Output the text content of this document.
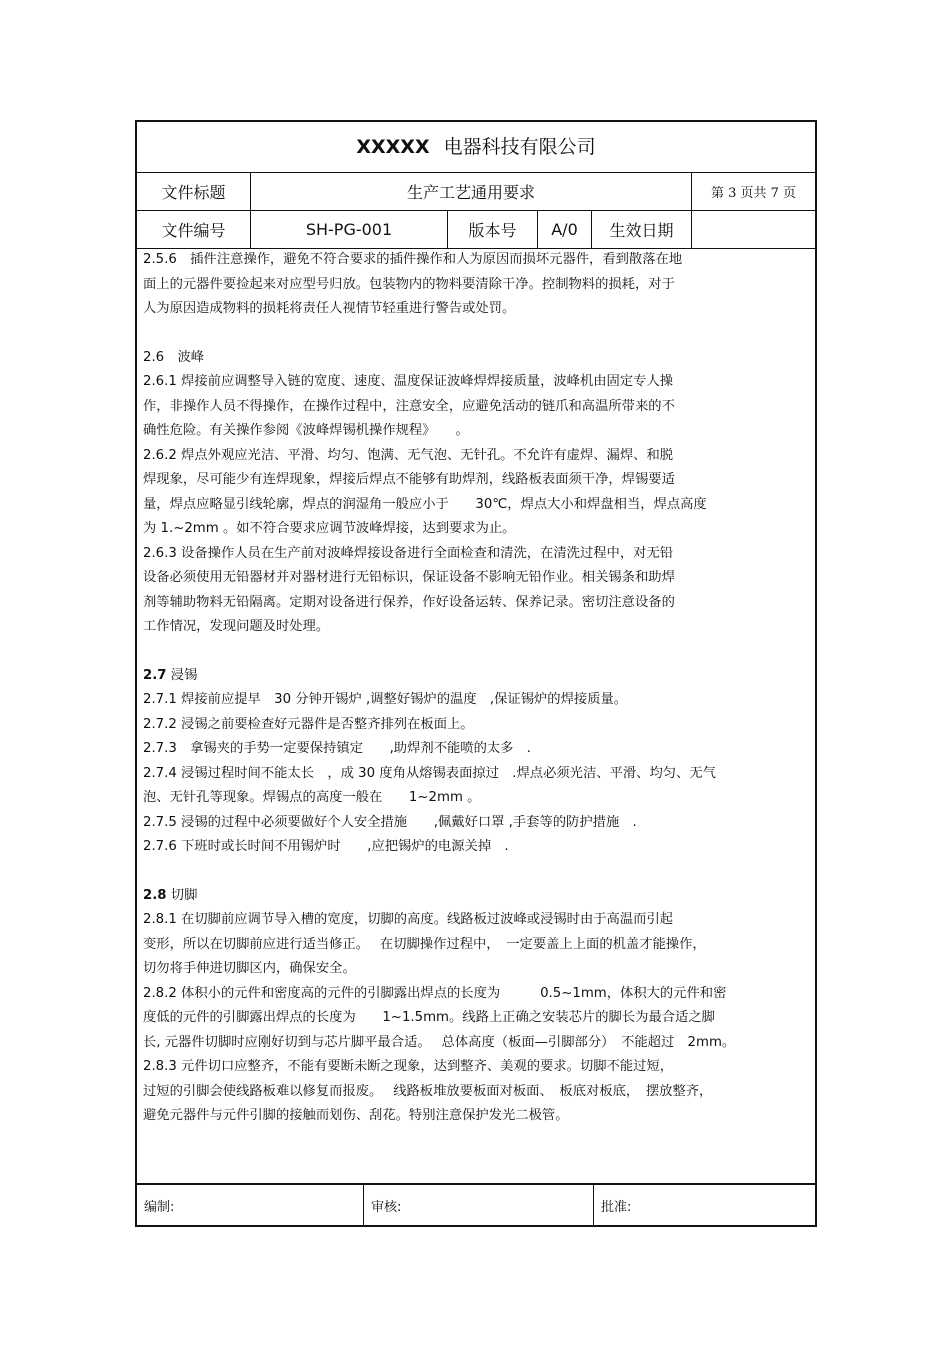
XXXXX 电器科技有限公司
文件标题	生产工艺通用要求	第 3 页共 7 页
文件编号	SH-PG-001	版本号	A/0	生效日期

2.5.6　插件注意操作，避免不符合要求的插件操作和人为原因而损坏元器件，看到散落在地

面上的元器件要捡起来对应型号归放。包装物内的物料要清除干净。控制物料的损耗，对于

人为原因造成物料的损耗将责任人视情节轻重进行警告或处罚。

2.6　波峰

2.6.1 焊接前应调整导入链的宽度、速度、温度保证波峰焊焊接质量，波峰机由固定专人操

作，非操作人员不得操作，在操作过程中，注意安全，应避免活动的链爪和高温所带来的不

确性危险。有关操作参阅《波峰焊锡机操作规程》　　。

2.6.2 焊点外观应光洁、平滑、均匀、饱满、无气泡、无针孔。不允许有虚焊、漏焊、和脱

焊现象，尽可能少有连焊现象，焊接后焊点不能够有助焊剂，线路板表面须干净，焊锡要适

量，焊点应略显引线轮廓，焊点的润湿角一般应小于　　30℃，焊点大小和焊盘相当，焊点高度

为 1.~2mm 。如不符合要求应调节波峰焊接，达到要求为止。

2.6.3 设备操作人员在生产前对波峰焊接设备进行全面检查和清洗，在清洗过程中，对无铅

设备必须使用无铅器材并对器材进行无铅标识，保证设备不影响无铅作业。相关锡条和助焊

剂等辅助物料无铅隔离。定期对设备进行保养，作好设备运转、保养记录。密切注意设备的

工作情况，发现问题及时处理。

2.7 浸锡

2.7.1 焊接前应提早　30 分钟开锡炉 ,调整好锡炉的温度　,保证锡炉的焊接质量。

2.7.2 浸锡之前要检查好元器件是否整齐排列在板面上。

2.7.3　拿锡夹的手势一定要保持镇定　　,助焊剂不能喷的太多　.

2.7.4 浸锡过程时间不能太长　，成 30 度角从熔锡表面掠过　.焊点必须光洁、平滑、均匀、无气

泡、无针孔等现象。焊锡点的高度一般在　　1~2mm 。

2.7.5 浸锡的过程中必须要做好个人安全措施　　,佩戴好口罩 ,手套等的防护措施　.

2.7.6 下班时或长时间不用锡炉时　　,应把锡炉的电源关掉　.

2.8 切脚

2.8.1 在切脚前应调节导入槽的宽度，切脚的高度。线路板过波峰或浸锡时由于高温而引起

变形，所以在切脚前应进行适当修正。　 在切脚操作过程中，　一定要盖上上面的机盖才能操作，

切勿将手伸进切脚区内，确保安全。

2.8.2 体积小的元件和密度高的元件的引脚露出焊点的长度为　　　0.5~1mm，体积大的元件和密

度低的元件的引脚露出焊点的长度为　　1~1.5mm。线路上正确之安装芯片的脚长为最合适之脚

长, 元器件切脚时应刚好切到与芯片脚平最合适。　 总体高度（板面—引脚部分）　不能超过　2mm。

2.8.3 元件切口应整齐，不能有要断未断之现象，达到整齐、美观的要求。切脚不能过短，

过短的引脚会使线路板难以修复而报废。　 线路板堆放要板面对板面、　板底对板底，　摆放整齐，

避免元器件与元件引脚的接触而划伤、刮花。特别注意保护发光二极管。

编制:	审核:	批准:
